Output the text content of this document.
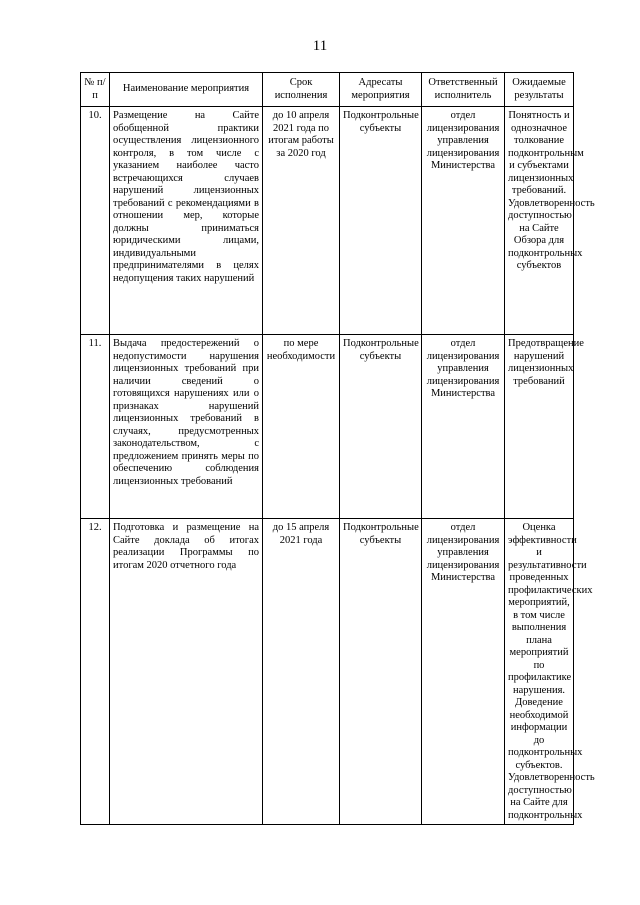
11
№ п/п	Наименование мероприятия	Срок исполнения	Адресаты мероприятия	Ответственный исполнитель	Ожидаемые результаты
10.	Размещение на Сайте обобщенной практики осуществления лицензионного контроля, в том числе с указанием наиболее часто встречающихся случаев нарушений лицензионных требований с рекомендациями в отношении мер, которые должны приниматься юридическими лицами, индивидуальными предпринимателями в целях недопущения таких нарушений	до 10 апреля 2021 года по итогам работы за 2020 год	Подконтрольные субъекты	отдел лицензирования управления лицензирования Министерства	Понятность и однозначное толкование подконтрольным и субъектами лицензионных требований. Удовлетворенность доступностью на Сайте Обзора для подконтрольных субъектов
11.	Выдача предостережений о недопустимости нарушения лицензионных требований при наличии сведений о готовящихся нарушениях или о признаках нарушений лицензионных требований в случаях, предусмотренных законодательством, с предложением принять меры по обеспечению соблюдения лицензионных требований	по мере необходимости	Подконтрольные субъекты	отдел лицензирования управления лицензирования Министерства	Предотвращение нарушений лицензионных требований
12.	Подготовка и размещение на Сайте доклада об итогах реализации Программы по итогам 2020 отчетного года	до 15 апреля 2021 года	Подконтрольные субъекты	отдел лицензирования управления лицензирования Министерства	Оценка эффективности и результативности проведенных профилактических мероприятий, в том числе выполнения плана мероприятий по профилактике нарушения. Доведение необходимой информации до подконтрольных субъектов. Удовлетворенность доступностью на Сайте для подконтрольных
